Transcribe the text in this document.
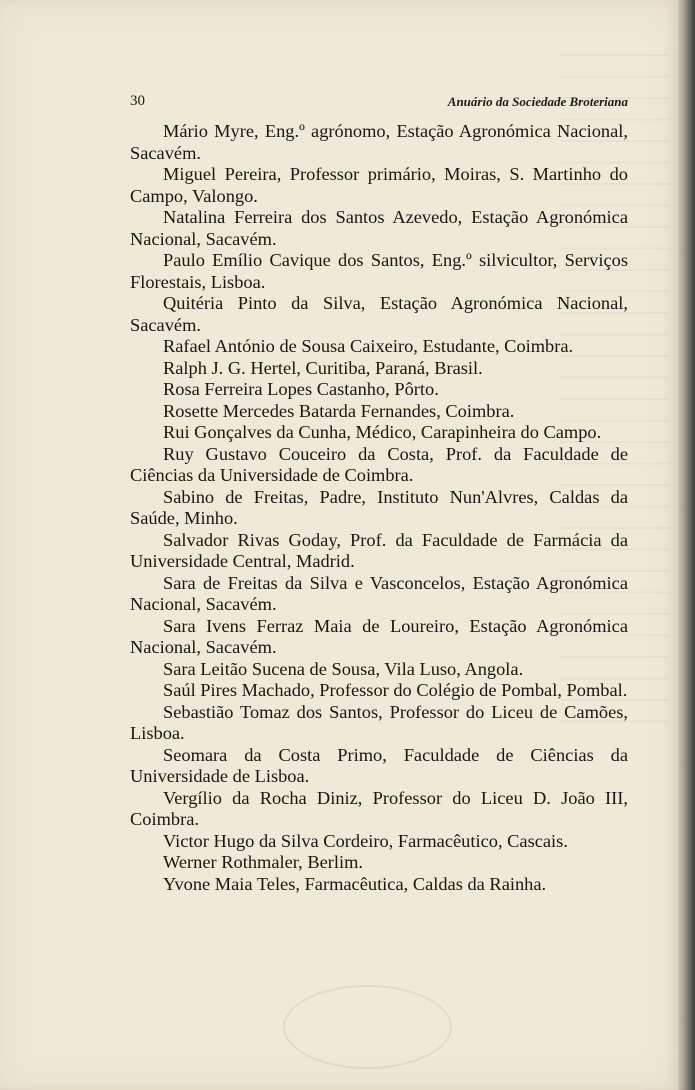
30	Anuário da Sociedade Broteriana
Mário Myre, Eng.º agrónomo, Estação Agronómica Nacional, Sacavém.
Miguel Pereira, Professor primário, Moiras, S. Martinho do Campo, Valongo.
Natalina Ferreira dos Santos Azevedo, Estação Agronómica Nacional, Sacavém.
Paulo Emílio Cavique dos Santos, Eng.º silvicultor, Serviços Florestais, Lisboa.
Quitéria Pinto da Silva, Estação Agronómica Nacional, Sacavém.
Rafael António de Sousa Caixeiro, Estudante, Coimbra.
Ralph J. G. Hertel, Curitiba, Paraná, Brasil.
Rosa Ferreira Lopes Castanho, Pôrto.
Rosette Mercedes Batarda Fernandes, Coimbra.
Rui Gonçalves da Cunha, Médico, Carapinheira do Campo.
Ruy Gustavo Couceiro da Costa, Prof. da Faculdade de Ciências da Universidade de Coimbra.
Sabino de Freitas, Padre, Instituto Nun'Alvres, Caldas da Saúde, Minho.
Salvador Rivas Goday, Prof. da Faculdade de Farmácia da Universidade Central, Madrid.
Sara de Freitas da Silva e Vasconcelos, Estação Agronómica Nacional, Sacavém.
Sara Ivens Ferraz Maia de Loureiro, Estação Agronómica Nacional, Sacavém.
Sara Leitão Sucena de Sousa, Vila Luso, Angola.
Saúl Pires Machado, Professor do Colégio de Pombal, Pombal.
Sebastião Tomaz dos Santos, Professor do Liceu de Camões, Lisboa.
Seomara da Costa Primo, Faculdade de Ciências da Universidade de Lisboa.
Vergílio da Rocha Diniz, Professor do Liceu D. João III, Coimbra.
Victor Hugo da Silva Cordeiro, Farmacêutico, Cascais.
Werner Rothmaler, Berlim.
Yvone Maia Teles, Farmacêutica, Caldas da Rainha.
